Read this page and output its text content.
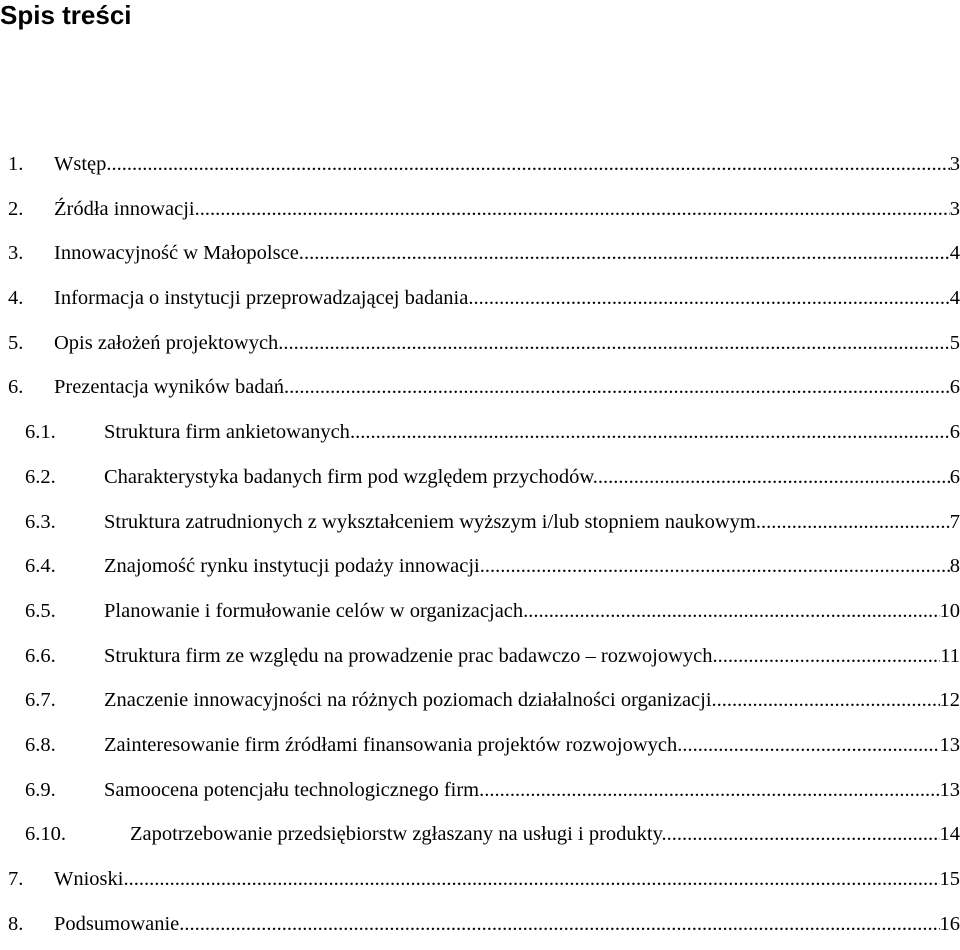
Spis treści
1. Wstęp .....	3
2. Źródła innowacji .....	3
3. Innowacyjność w Małopolsce. .....	4
4. Informacja o instytucji przeprowadzającej badania. .....	4
5. Opis założeń projektowych. .....	5
6. Prezentacja wyników badań .....	6
6.1. Struktura firm ankietowanych .....	6
6.2. Charakterystyka badanych firm pod względem przychodów. .....	6
6.3. Struktura zatrudnionych z wykształceniem wyższym i/lub stopniem naukowym .....	7
6.4. Znajomość rynku instytucji podaży innowacji .....	8
6.5. Planowanie i formułowanie celów w organizacjach .....	10
6.6. Struktura firm ze względu na prowadzenie prac badawczo – rozwojowych .....	11
6.7. Znaczenie innowacyjności na różnych poziomach działalności organizacji. .....	12
6.8. Zainteresowanie firm źródłami finansowania projektów rozwojowych. .....	13
6.9. Samoocena potencjału technologicznego firm .....	13
6.10.	Zapotrzebowanie przedsiębiorstw zgłaszany na usługi i produkty. .....	14
7. Wnioski .....	15
8. Podsumowanie .....	16
